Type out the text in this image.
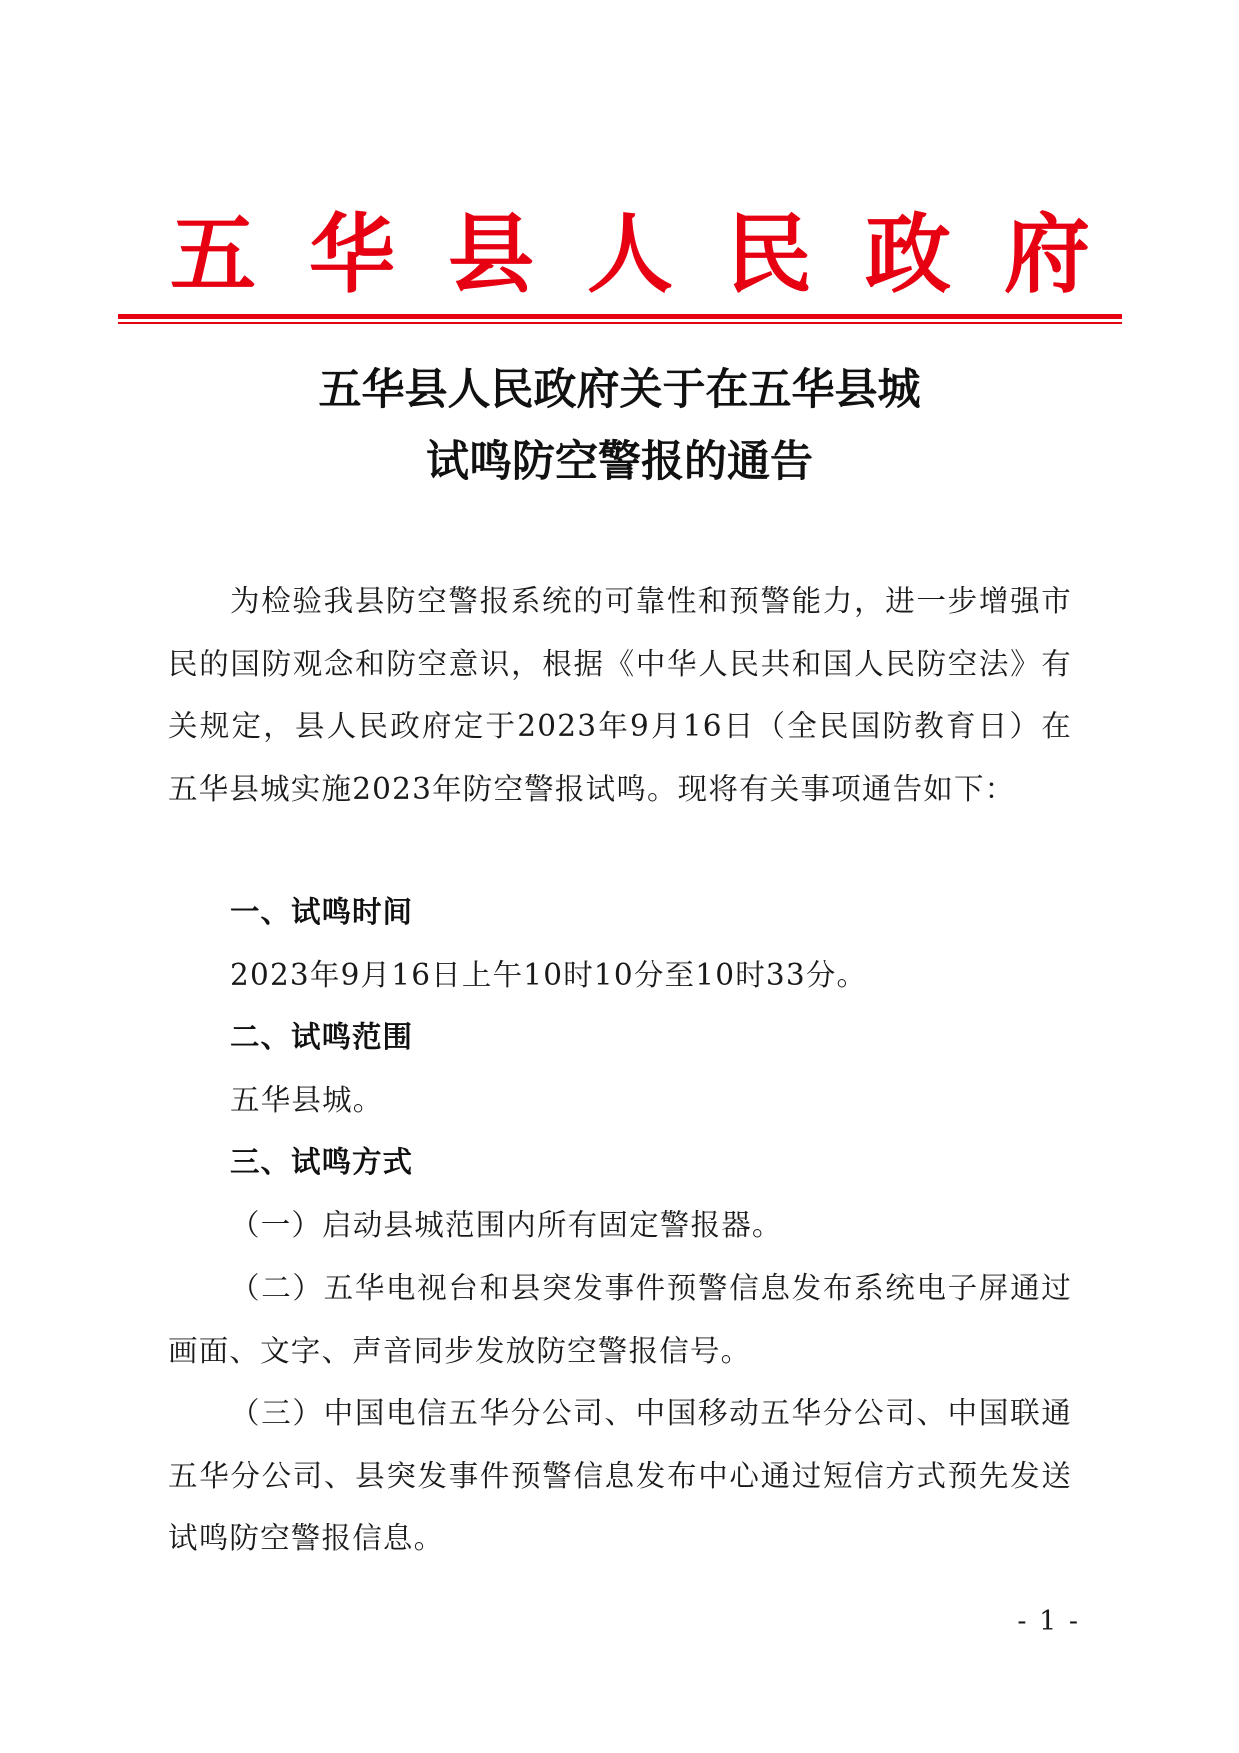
五 华 县 人 民 政 府
五华县人民政府关于在五华县城
试鸣防空警报的通告
为检验我县防空警报系统的可靠性和预警能力，进一步增强市民的国防观念和防空意识，根据《中华人民共和国人民防空法》有关规定，县人民政府定于2023年9月16日（全民国防教育日）在五华县城实施2023年防空警报试鸣。现将有关事项通告如下：
一、试鸣时间
2023年9月16日上午10时10分至10时33分。
二、试鸣范围
五华县城。
三、试鸣方式
（一）启动县城范围内所有固定警报器。
（二）五华电视台和县突发事件预警信息发布系统电子屏通过画面、文字、声音同步发放防空警报信号。
（三）中国电信五华分公司、中国移动五华分公司、中国联通五华分公司、县突发事件预警信息发布中心通过短信方式预先发送试鸣防空警报信息。
- 1 -
